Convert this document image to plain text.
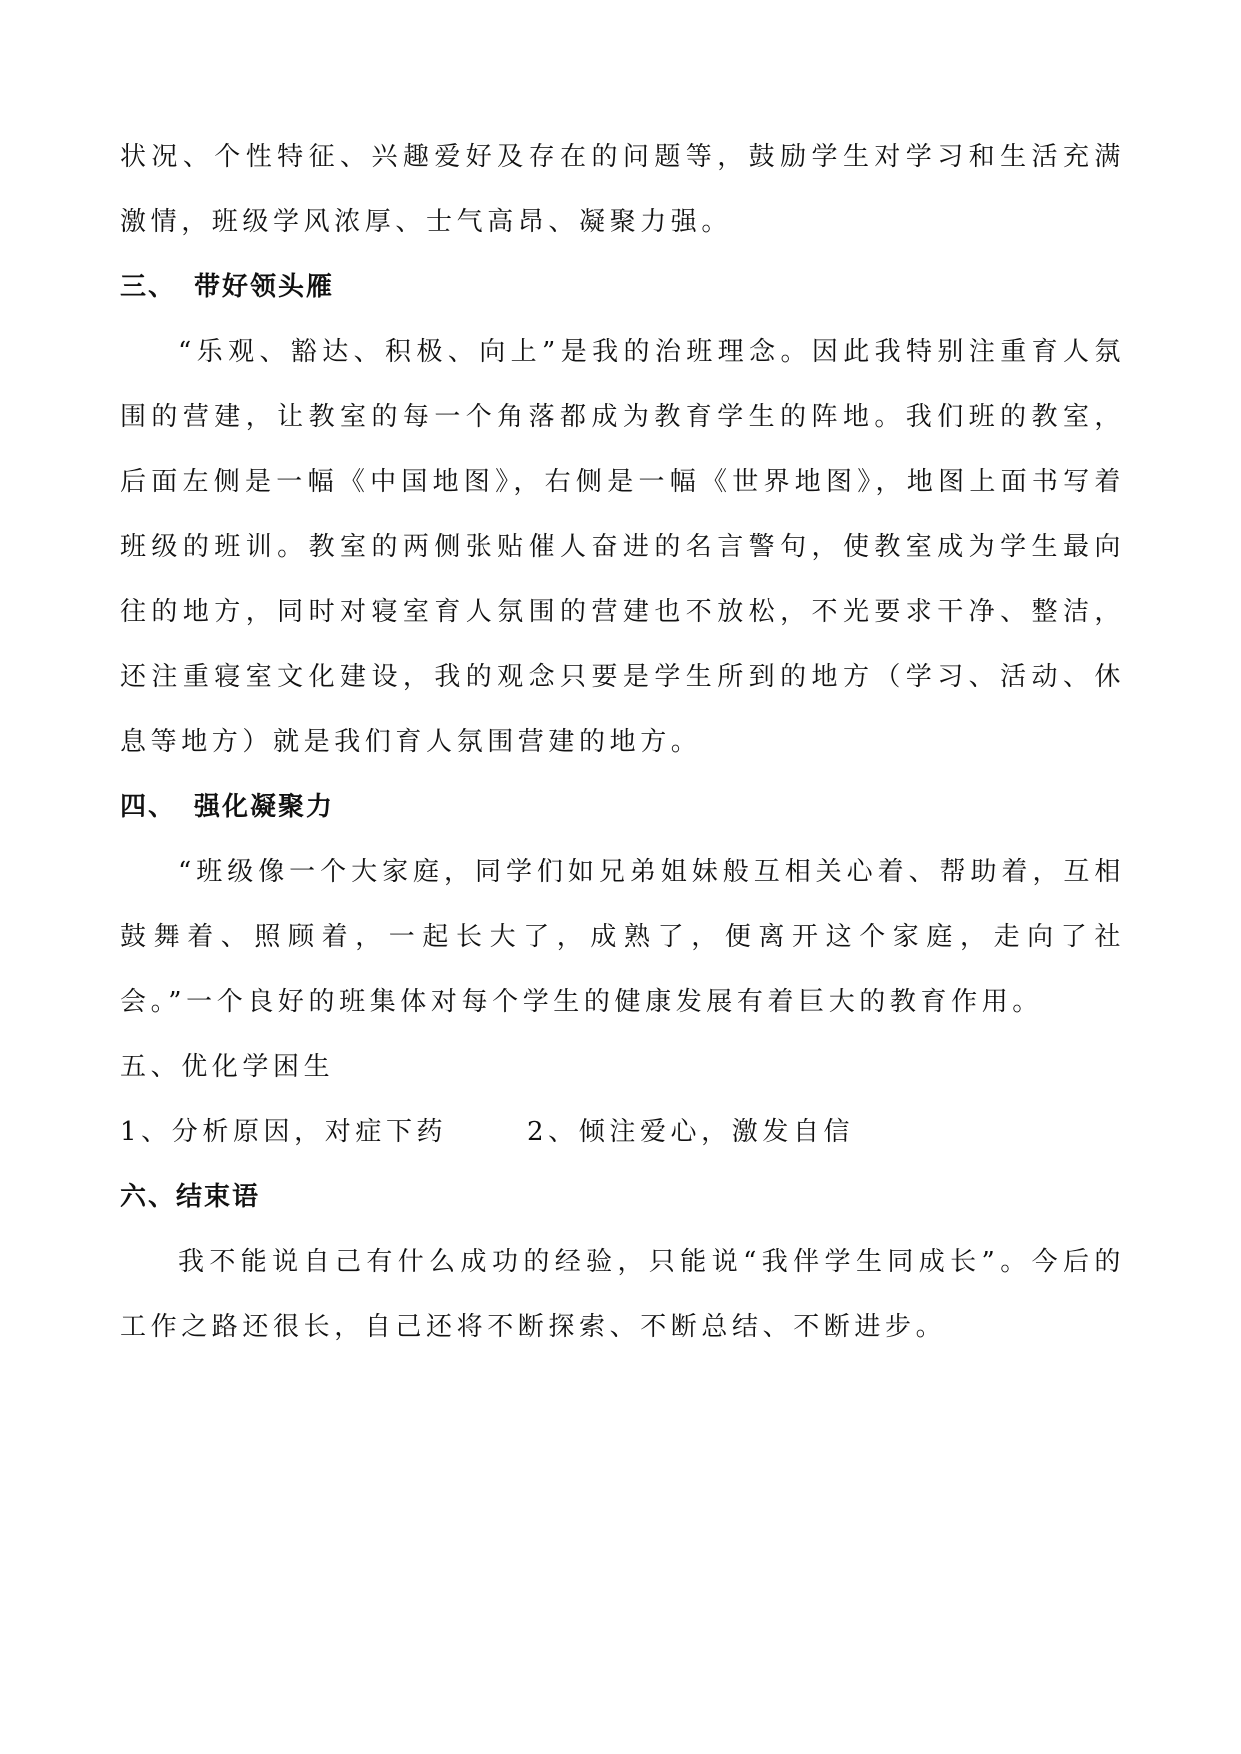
状况、个性特征、兴趣爱好及存在的问题等，鼓励学生对学习和生活充满激情，班级学风浓厚、士气高昂、凝聚力强。

三、 带好领头雁

“乐观、豁达、积极、向上”是我的治班理念。因此我特别注重育人氛围的营建，让教室的每一个角落都成为教育学生的阵地。我们班的教室，后面左侧是一幅《中国地图》，右侧是一幅《世界地图》，地图上面书写着班级的班训。教室的两侧张贴催人奋进的名言警句，使教室成为学生最向往的地方，同时对寝室育人氛围的营建也不放松，不光要求干净、整洁，还注重寝室文化建设，我的观念只要是学生所到的地方（学习、活动、休息等地方）就是我们育人氛围营建的地方。

四、 强化凝聚力

“班级像一个大家庭，同学们如兄弟姐妹般互相关心着、帮助着，互相鼓舞着、照顾着，一起长大了，成熟了，便离开这个家庭，走向了社会。”一个良好的班集体对每个学生的健康发展有着巨大的教育作用。

五、优化学困生
1、分析原因，对症下药	2、倾注爱心，激发自信
六、结束语

我不能说自己有什么成功的经验，只能说“我伴学生同成长”。今后的工作之路还很长，自己还将不断探索、不断总结、不断进步。
